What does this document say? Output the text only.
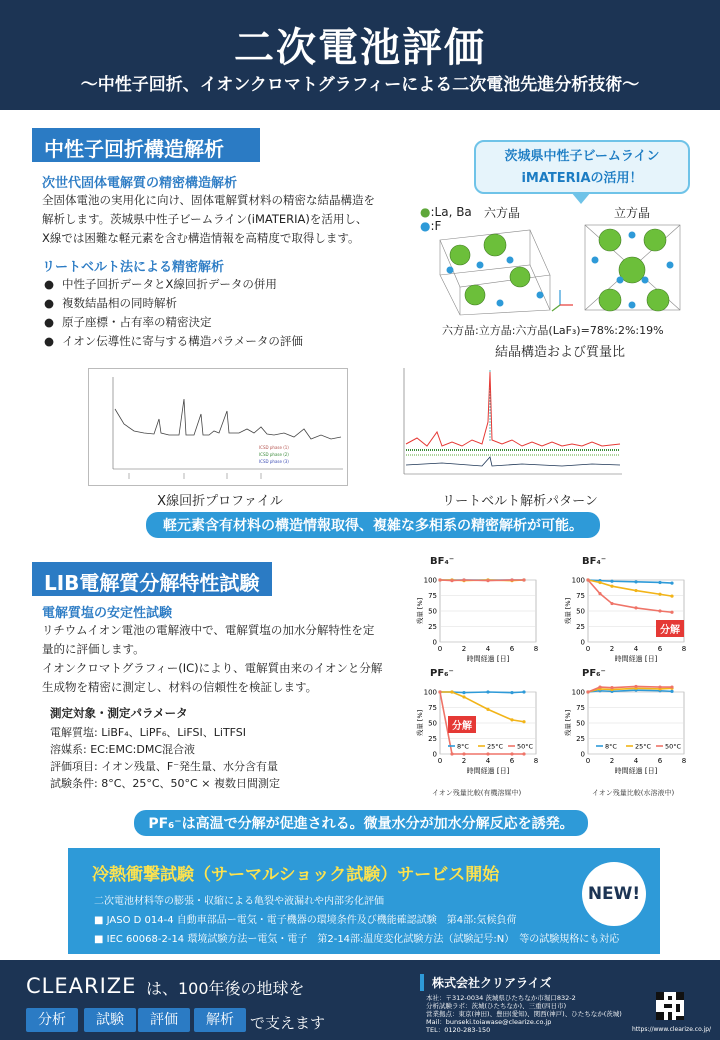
二次電池評価
～中性子回折、イオンクロマトグラフィーによる二次電池先進分析技術～
中性子回折構造解析
次世代固体電解質の精密構造解析
全固体電池の実用化に向け、固体電解質材料の精密な結晶構造を
解析します。茨城県中性子ビームライン(iMATERIA)を活用し、
X線では困難な軽元素を含む構造情報を高精度で取得します。
リートベルト法による精密解析
● 中性子回折データとX線回折データの併用
● 複数結晶相の同時解析
● 原子座標・占有率の精密決定
● イオン伝導性に寄与する構造パラメータの評価
茨城県中性子ビームライン
iMATERIAの活用！
●:La, Ba
●:F
六方晶	立方晶
六方晶:立方晶:六方晶(LaF₃)=78%:2%:19%
結晶構造および質量比
ICSD phase (1)
ICSD phase (2)
ICSD phase (3)
X線回折プロファイル	リートベルト解析パターン
軽元素含有材料の構造情報取得、複雑な多相系の精密解析が可能。
LIB電解質分解特性試験
電解質塩の安定性試験
リチウムイオン電池の電解液中で、電解質塩の加水分解特性を定
量的に評価します。
イオンクロマトグラフィー(IC)により、電解質由来のイオンと分解
生成物を精密に測定し、材料の信頼性を検証します。
測定対象・測定パラメータ
電解質塩: LiBF₄、LiPF₆、LiFSI、LiTFSI
溶媒系: EC:EMC:DMC混合液
評価項目: イオン残量、F⁻発生量、水分含有量
試験条件: 8°C、25°C、50°C × 複数日間測定
0
25
50
75
100
0	2	4	6	8
時間経過 [日]
残量 [%]
0
25
50
75
100
0	2	4	6	8
時間経過 [日]
残量 [%]
0
25
50
75
100
0	2	4	6	8
時間経過 [日]
残量 [%]
8°C	25°C 50°C
0
25
50
75
100
0	2	4	6	8
時間経過 [日]
残量 [%]
8°C	25°C 50°C
BF₄⁻	BF₄⁻
PF₆⁻	PF₆⁻
分解
分解
イオン残量比較(有機溶媒中)	イオン残量比較(水溶液中)
PF₆⁻は高温で分解が促進される。微量水分が加水分解反応を誘発。
冷熱衝撃試験（サーマルショック試験）サービス開始
二次電池材料等の膨張・収縮による亀裂や液漏れや内部劣化評価
■ JASO D 014-4 自動車部品ー電気・電子機器の環境条件及び機能確認試験　第4部:気候負荷
■ IEC 60068-2-14 環境試験方法ー電気・電子　第2-14部:温度変化試験方法（試験記号:N）　等の試験規格にも対応
NEW!
CLEARIZE は、100年後の地球を
分析	試験	評価	解析	で支えます
株式会社クリアライズ
本社：〒312-0034 茨城県ひたちなか市堀口832-2
分析試験ラボ：茨城(ひたちなか)、三重(四日市)
営業拠点：東京(神田)、豊田(愛知)、関西(神戸)、ひたちなか(茨城)
Mail：bunseki.toiawase@clearize.co.jp
TEL：0120-283-150	https://www.clearize.co.jp/
